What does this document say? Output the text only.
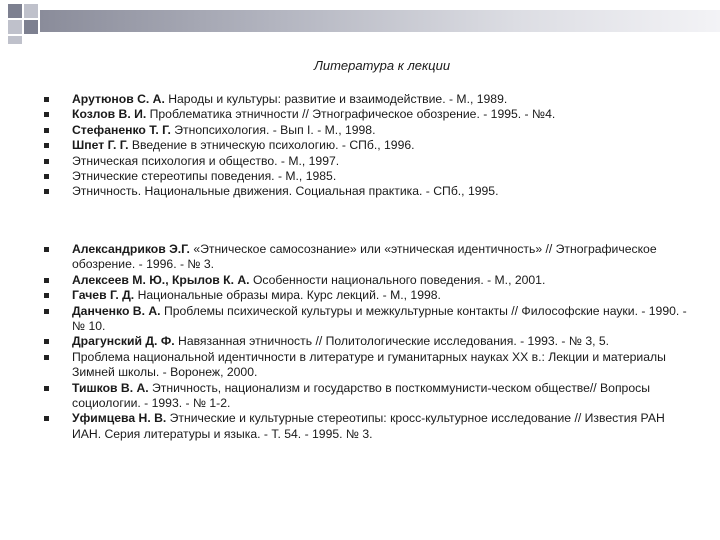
Литература к лекции
Арутюнов С. А. Народы и культуры: развитие и взаимодействие. - М., 1989.
Козлов В. И. Проблематика этничности // Этнографическое обозрение. - 1995. - №4.
Стефаненко Т. Г. Этнопсихология. - Вып I. - М., 1998.
Шпет Г. Г. Введение в этническую психологию. - СПб., 1996.
Этническая психология и общество. - М., 1997.
Этнические стереотипы поведения. - М., 1985.
Этничность. Национальные движения. Социальная практика. - СПб., 1995.
Александриков Э.Г. «Этническое самосознание» или «этническая идентичность» // Этнографическое обозрение. - 1996. - № 3.
Алексеев М. Ю., Крылов К. А. Особенности национального поведения. - М., 2001.
Гачев Г. Д. Национальные образы мира. Курс лекций. - М., 1998.
Данченко В. А. Проблемы психической культуры и межкультурные контакты // Философские науки. - 1990. - № 10.
Драгунский Д. Ф. Навязанная этничность // Политологические исследования. - 1993. - № 3, 5.
Проблема национальной идентичности в литературе и гуманитарных науках ХХ в.: Лекции и материалы Зимней школы. - Воронеж, 2000.
Тишков В. А. Этничность, национализм и государство в посткоммунисти-ческом обществе// Вопросы социологии. - 1993. - № 1-2.
Уфимцева Н. В. Этнические и культурные стереотипы: кросс-культурное исследование // Известия РАН ИАН. Серия литературы и языка. - Т. 54. - 1995. № 3.
